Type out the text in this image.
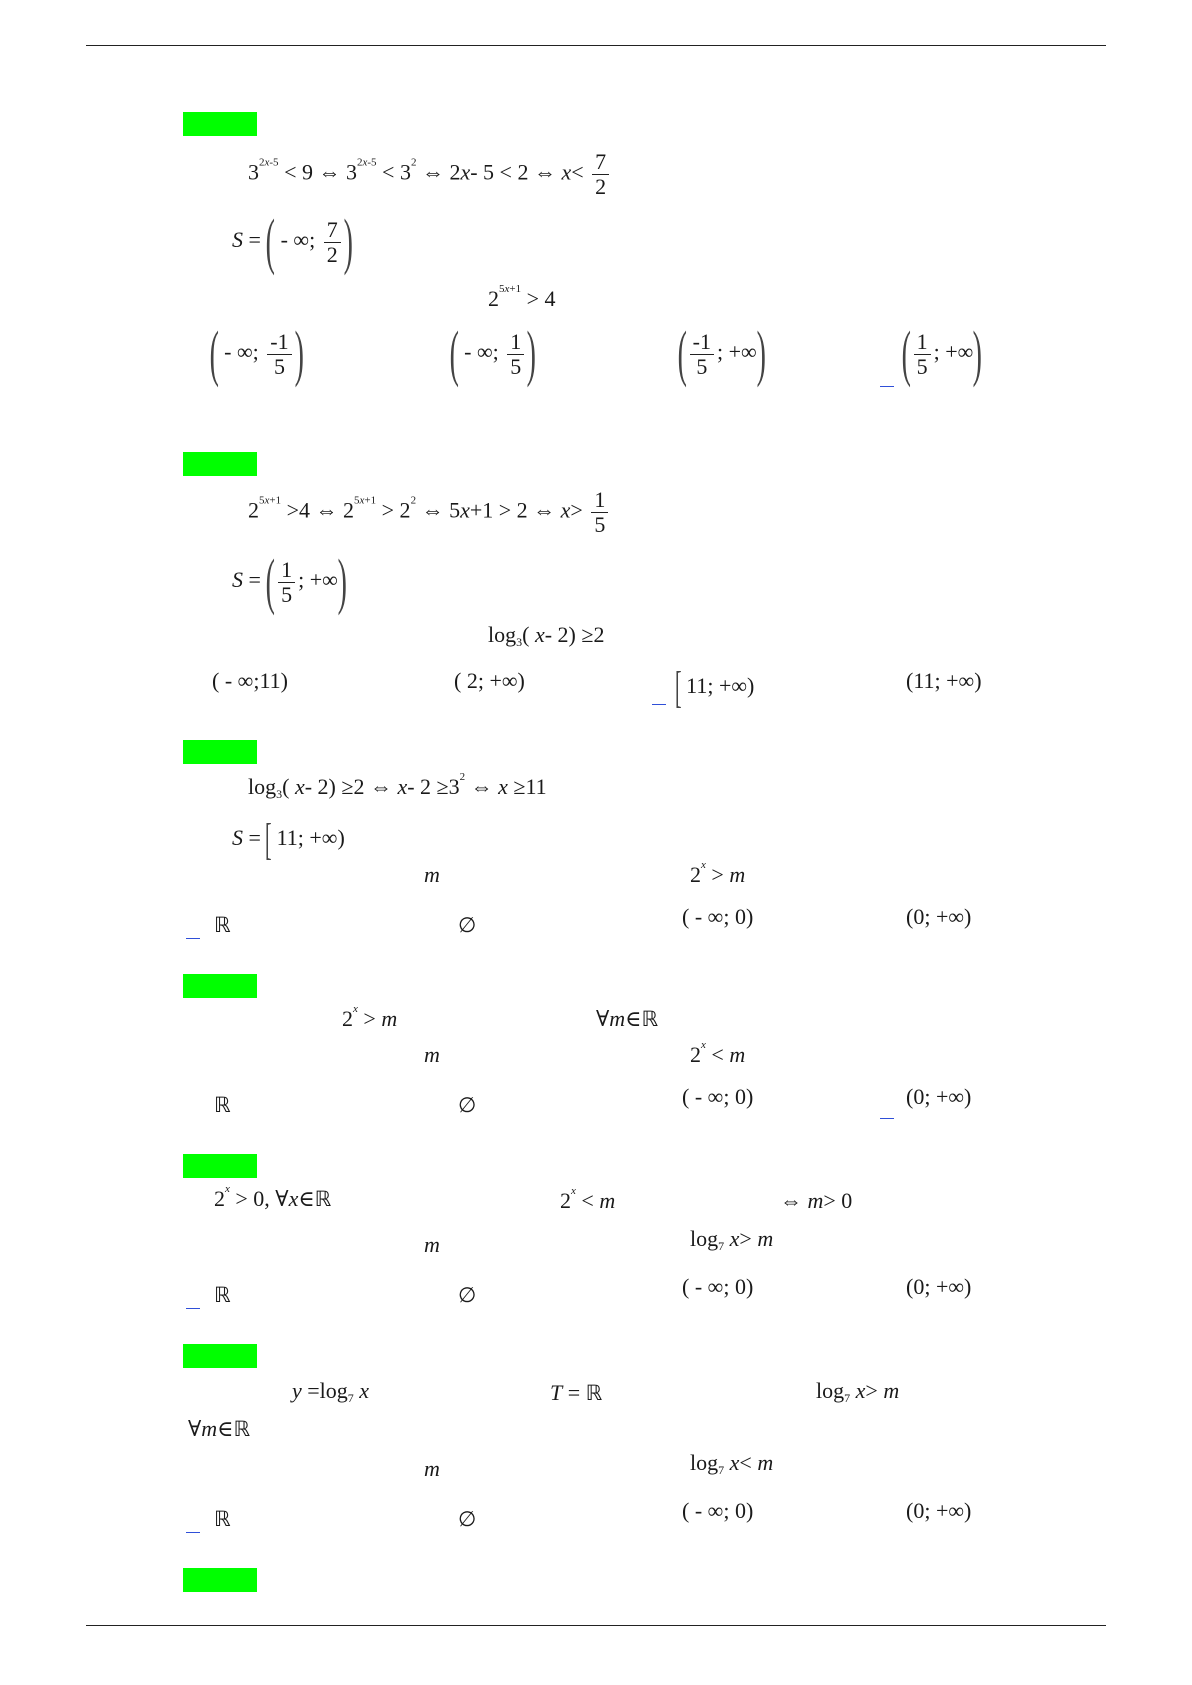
$3^{2x-5} < 9$ ⇔ $3^{2x-5} < 3^2$ ⇔ 2x- 5 < 2 ⇔ $x< \frac{7}{2}$
S = ( - ∞; $\frac{7}{2}$ )
$2^{5x+1} > 4$
( - ∞; $\frac{-1}{5}$ ) ( - ∞; $\frac{1}{5}$ ) ( $\frac{-1}{5}$ ; +∞) ( $\frac{1}{5}$ ; +∞)
$2^{5x+1} >4$ ⇔ $2^{5x+1} > 2^2$ ⇔ 5x+1 > 2 ⇔ $x> \frac{1}{5}$
S = ( $\frac{1}{5}$ ; +∞)
$\log_3$( x- 2) ≥2
( - ∞;11)	( 2; +∞)	[ 11; +∞)	(11; +∞)
$\log_3$( x- 2) ≥2 ⇔ x- $2 \ge 3^2$ ⇔ x ≥11
S = [ 11; +∞)
m	$2^x > m$
ℝ	∅	( - ∞; 0)	(0; +∞)
$2^x > m$	∀m∈ℝ
m	$2^x < m$
ℝ	∅	( - ∞; 0)	(0; +∞)
$2^x > 0$, ∀x∈ℝ	$2^x < m$	⇔ m> 0
m	$\log_7 x> m$
ℝ	∅	( - ∞; 0)	(0; +∞)
$y =\log_7$ x	T = ℝ	$\log_7 x> m$
∀m∈ℝ
m	$\log_7 x< m$
ℝ	∅	( - ∞; 0)	(0; +∞)
